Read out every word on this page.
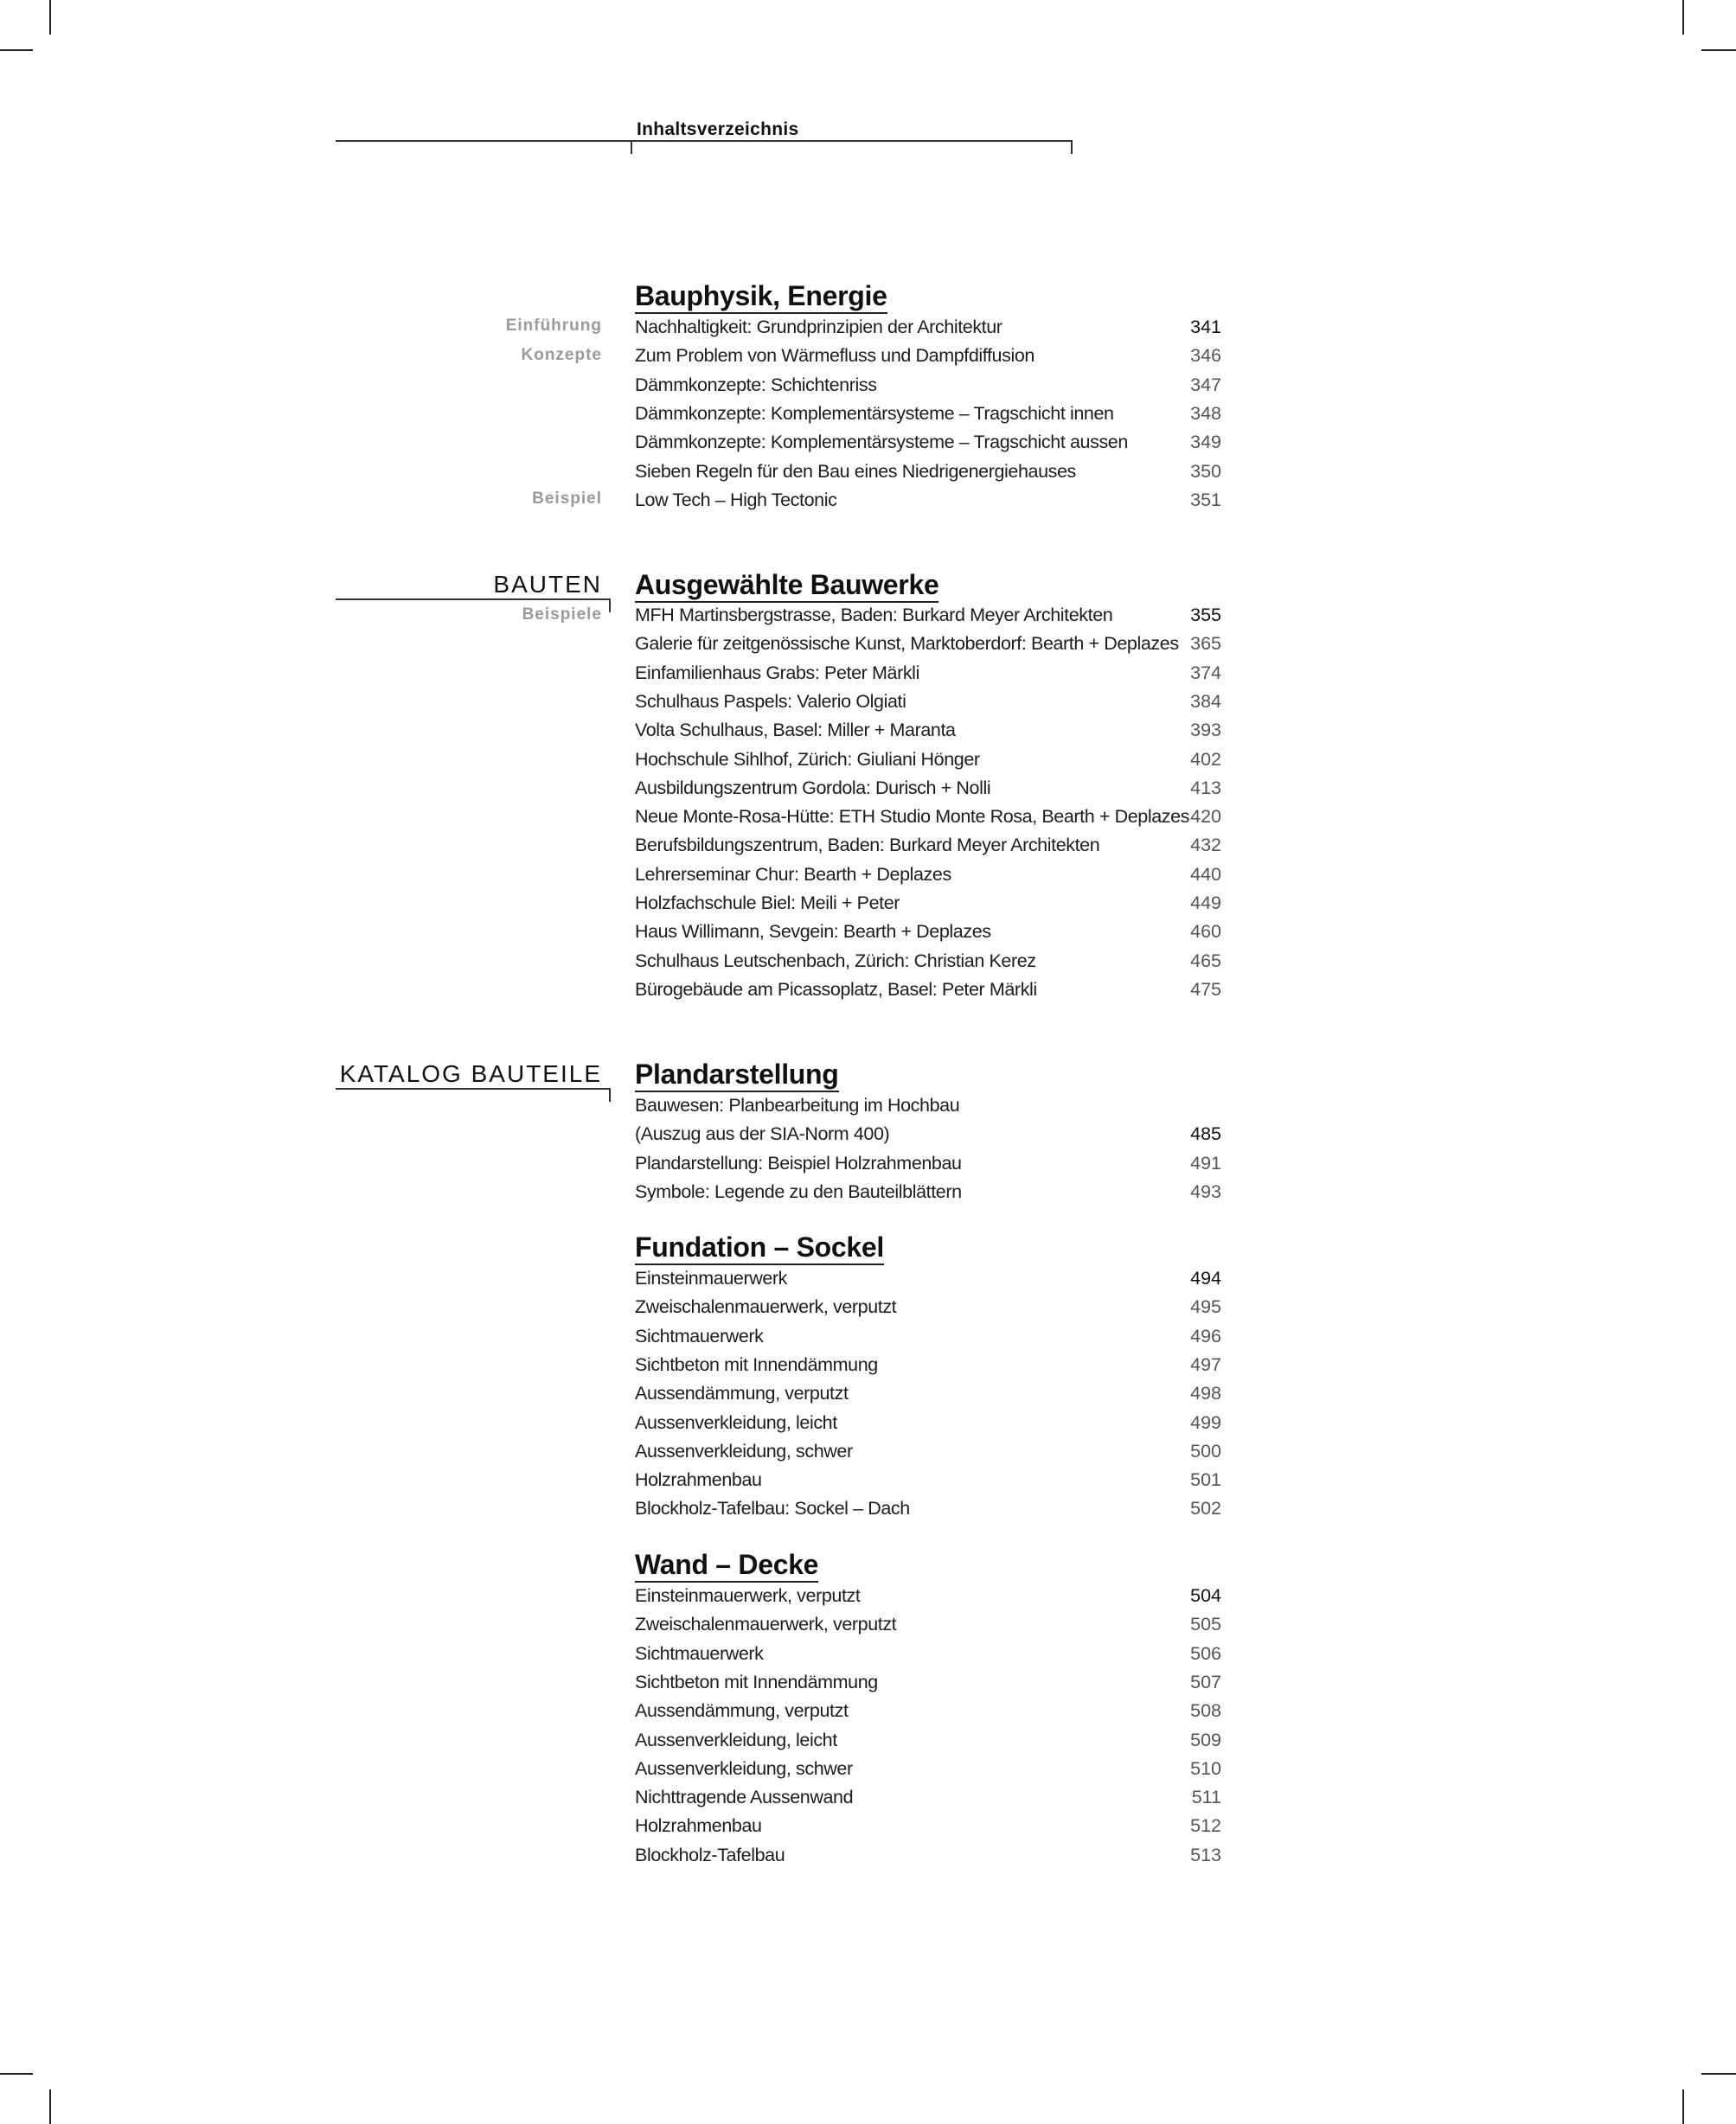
Inhaltsverzeichnis
Einführung
Konzepte
Beispiel
Bauphysik, Energie
Nachhaltigkeit: Grundprinzipien der Architektur	341
Zum Problem von Wärmefluss und Dampfdiffusion	346
Dämmkonzepte: Schichtenriss	347
Dämmkonzepte: Komplementärsysteme – Tragschicht innen	348
Dämmkonzepte: Komplementärsysteme – Tragschicht aussen	349
Sieben Regeln für den Bau eines Niedrigenergiehauses	350
Low Tech – High Tectonic	351
BAUTEN
Beispiele
Ausgewählte Bauwerke
MFH Martinsbergstrasse, Baden: Burkard Meyer Architekten	355
Galerie für zeitgenössische Kunst, Marktoberdorf: Bearth + Deplazes 365
Einfamilienhaus Grabs: Peter Märkli	374
Schulhaus Paspels: Valerio Olgiati	384
Volta Schulhaus, Basel: Miller + Maranta	393
Hochschule Sihlhof, Zürich: Giuliani Hönger	402
Ausbildungszentrum Gordola: Durisch + Nolli	413
Neue Monte-Rosa-Hütte: ETH Studio Monte Rosa, Bearth + Deplazes 420
Berufsbildungszentrum, Baden: Burkard Meyer Architekten	432
Lehrerseminar Chur: Bearth + Deplazes	440
Holzfachschule Biel: Meili + Peter	449
Haus Willimann, Sevgein: Bearth + Deplazes	460
Schulhaus Leutschenbach, Zürich: Christian Kerez	465
Bürogebäude am Picassoplatz, Basel: Peter Märkli	475
KATALOG BAUTEILE Plandarstellung
Bauwesen: Planbearbeitung im Hochbau
(Auszug aus der SIA-Norm 400)	485
Plandarstellung: Beispiel Holzrahmenbau	491
Symbole: Legende zu den Bauteilblättern	493
Fundation – Sockel
Einsteinmauerwerk	494
Zweischalenmauerwerk, verputzt	495
Sichtmauerwerk	496
Sichtbeton mit Innendämmung	497
Aussendämmung, verputzt	498
Aussenverkleidung, leicht	499
Aussenverkleidung, schwer	500
Holzrahmenbau	501
Blockholz-Tafelbau: Sockel – Dach	502
Wand – Decke
Einsteinmauerwerk, verputzt	504
Zweischalenmauerwerk, verputzt	505
Sichtmauerwerk	506
Sichtbeton mit Innendämmung	507
Aussendämmung, verputzt	508
Aussenverkleidung, leicht	509
Aussenverkleidung, schwer	510
Nichttragende Aussenwand	511
Holzrahmenbau	512
Blockholz-Tafelbau	513
